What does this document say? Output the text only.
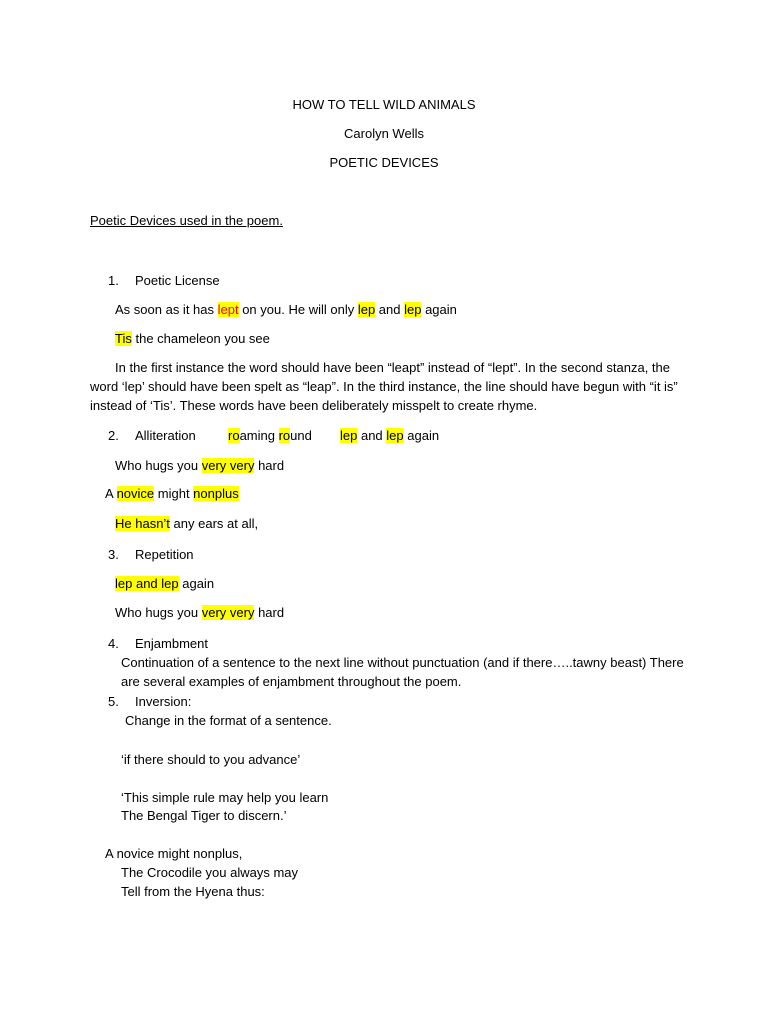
HOW TO TELL WILD ANIMALS
Carolyn Wells
POETIC DEVICES
Poetic Devices used in the poem.
1. Poetic License
As soon as it has lept on you. He will only lep and lep again
Tis the chameleon you see
In the first instance the word should have been “leapt” instead of “lept”. In the second stanza, the
word ‘lep’ should have been spelt as “leap”. In the third instance, the line should have begun with “it is”
instead of ‘Tis’. These words have been deliberately misspelt to create rhyme.
2. Alliteration roaming round lep and lep again
Who hugs you very very hard
A novice might nonplus
He hasn’t any ears at all,
3. Repetition
lep and lep again
Who hugs you very very hard
4. Enjambment
Continuation of a sentence to the next line without punctuation (and if there…..tawny beast) There
are several examples of enjambment throughout the poem.
5. Inversion:
Change in the format of a sentence.
‘if there should to you advance’
‘This simple rule may help you learn
The Bengal Tiger to discern.’
A novice might nonplus,
The Crocodile you always may
Tell from the Hyena thus:
